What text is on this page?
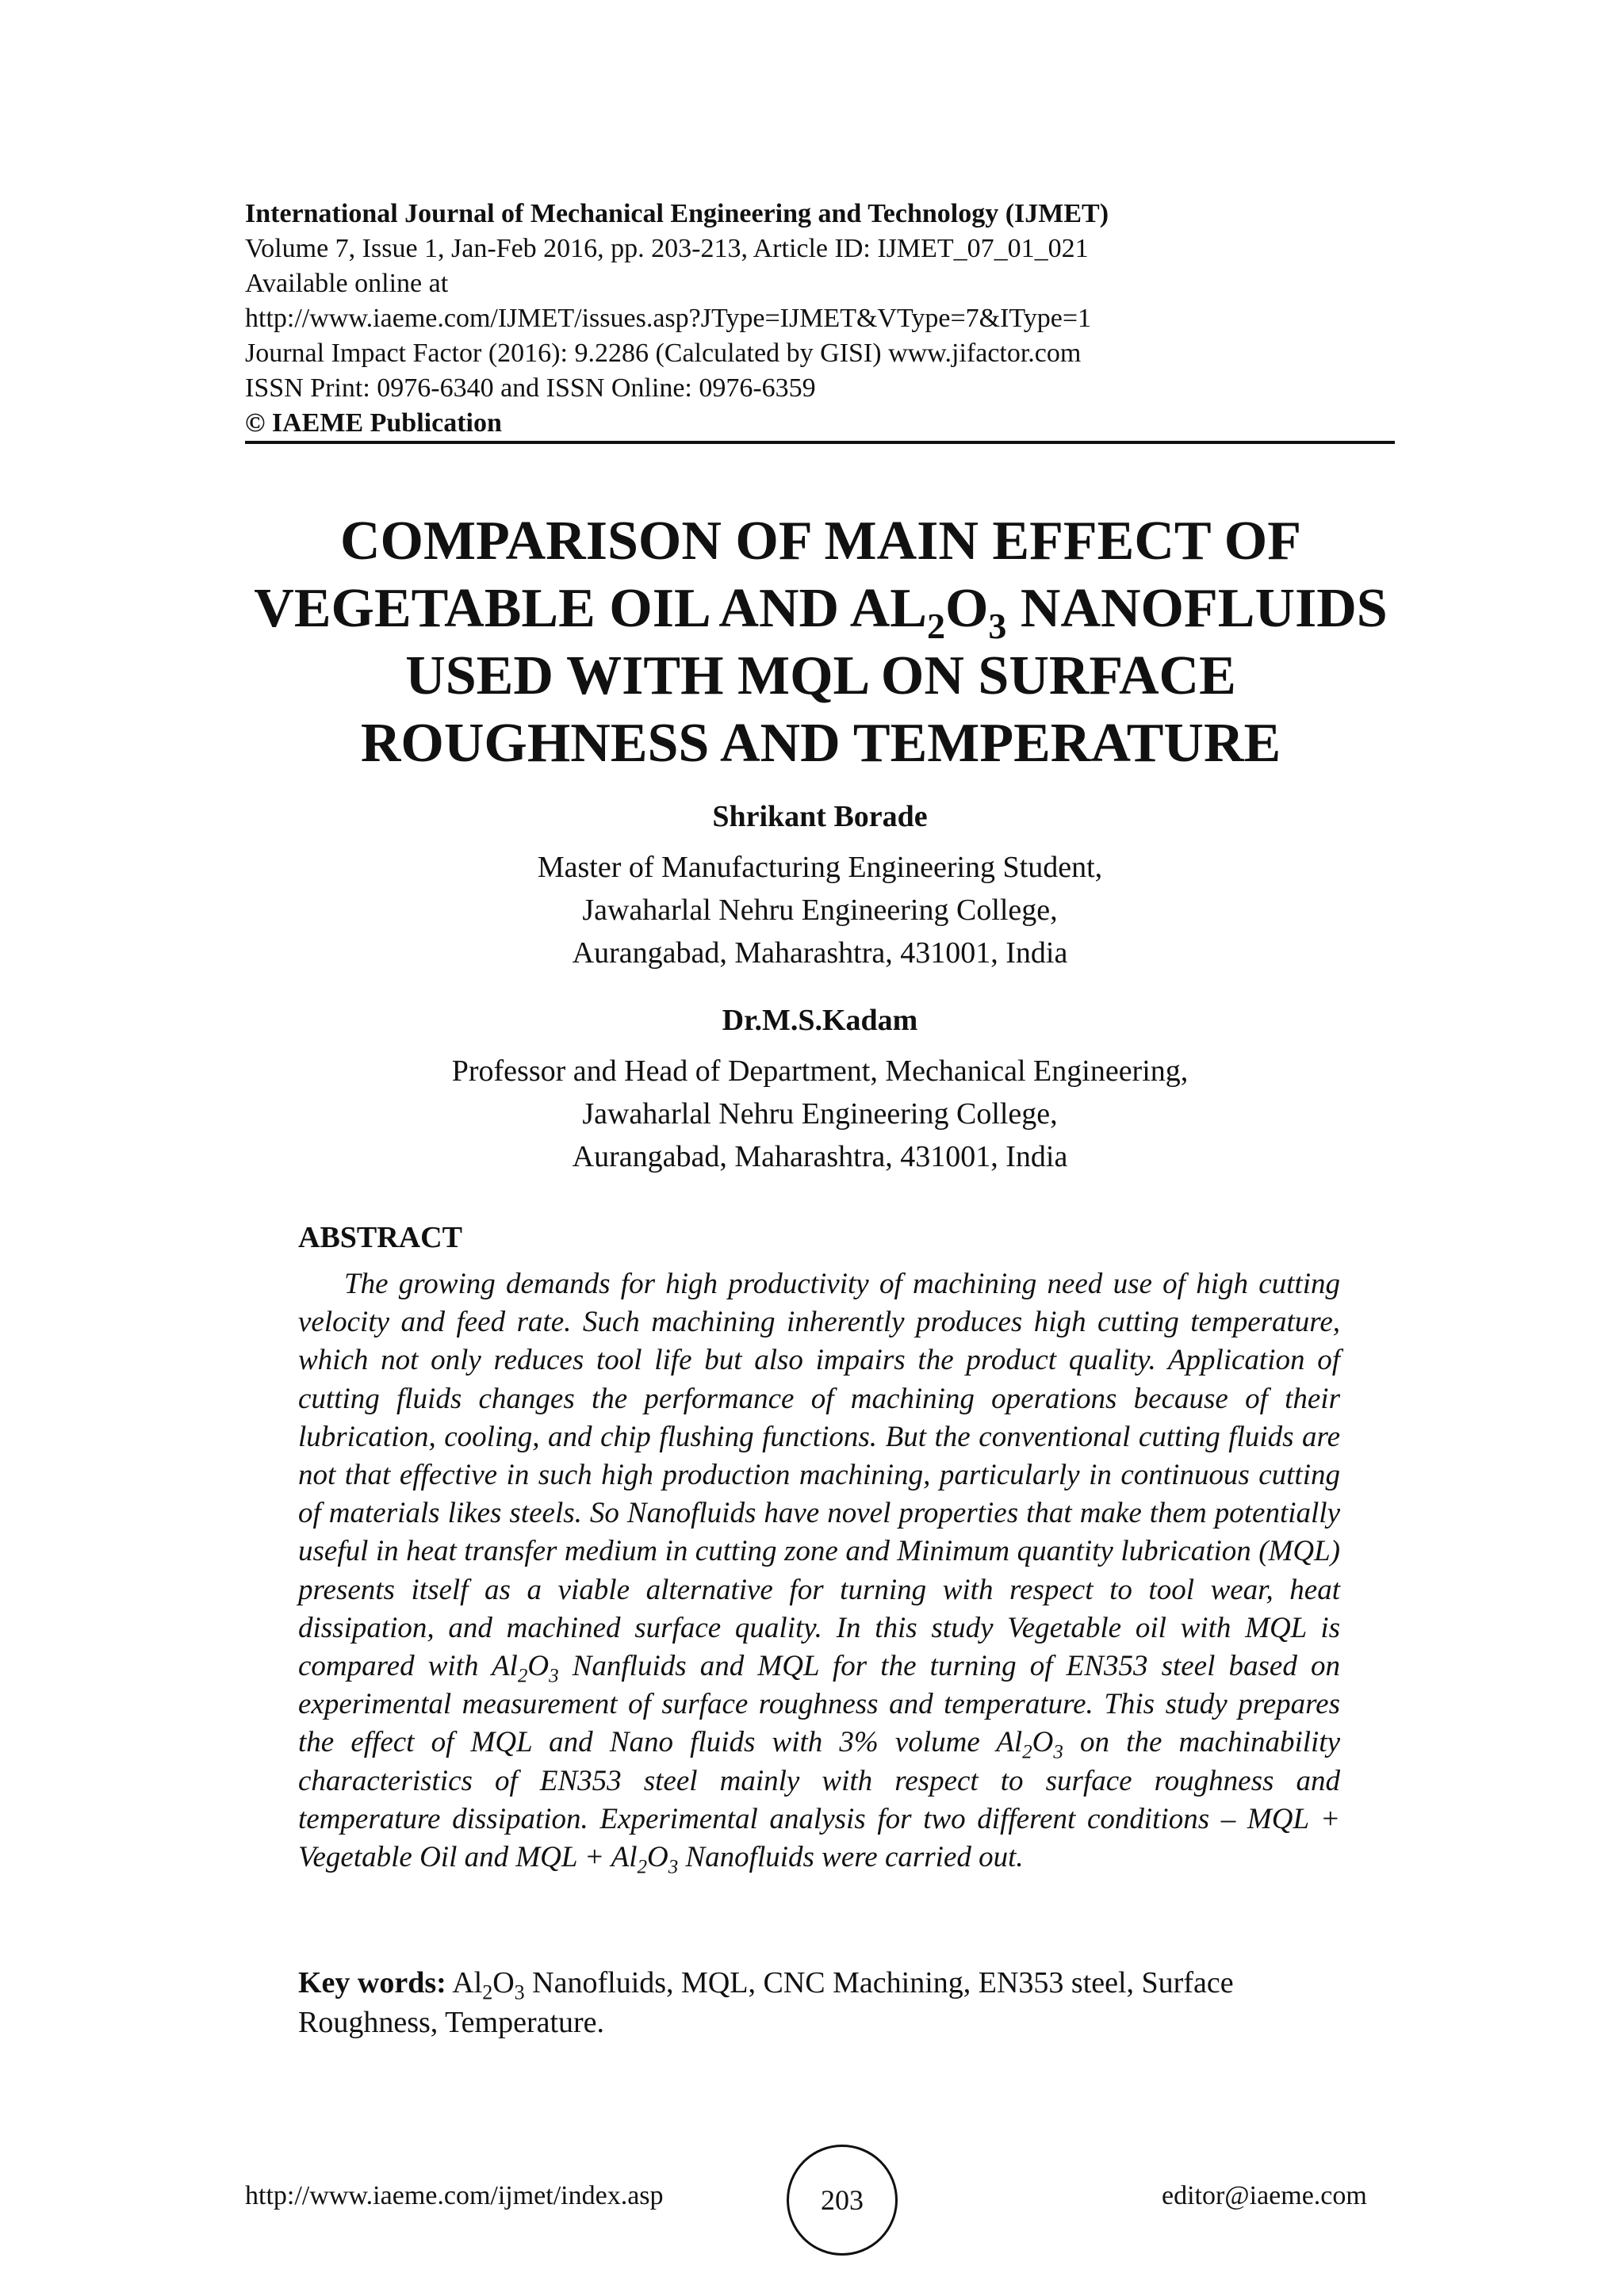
International Journal of Mechanical Engineering and Technology (IJMET)
Volume 7, Issue 1, Jan-Feb 2016, pp. 203-213, Article ID: IJMET_07_01_021
Available online at
http://www.iaeme.com/IJMET/issues.asp?JType=IJMET&VType=7&IType=1
Journal Impact Factor (2016): 9.2286 (Calculated by GISI) www.jifactor.com
ISSN Print: 0976-6340 and ISSN Online: 0976-6359
© IAEME Publication
COMPARISON OF MAIN EFFECT OF
VEGETABLE OIL AND $AL_2O_3$ NANOFLUIDS
USED WITH MQL ON SURFACE
ROUGHNESS AND TEMPERATURE
Shrikant Borade
Master of Manufacturing Engineering Student,
Jawaharlal Nehru Engineering College,
Aurangabad, Maharashtra, 431001, India
Dr.M.S.Kadam
Professor and Head of Department, Mechanical Engineering,
Jawaharlal Nehru Engineering College,
Aurangabad, Maharashtra, 431001, India
ABSTRACT

The growing demands for high productivity of machining need use of high cutting velocity and feed rate. Such machining inherently produces high cutting temperature, which not only reduces tool life but also impairs the product quality. Application of cutting fluids changes the performance of machining operations because of their lubrication, cooling, and chip flushing functions. But the conventional cutting fluids are not that effective in such high production machining, particularly in continuous cutting of materials likes steels. So Nanofluids have novel properties that make them potentially useful in heat transfer medium in cutting zone and Minimum quantity lubrication (MQL) presents itself as a viable alternative for turning with respect to tool wear, heat dissipation, and machined surface quality. In this study Vegetable oil with MQL is compared with $Al_2O_3$ Nanfluids and MQL for the turning of EN353 steel based on experimental measurement of surface roughness and temperature. This study prepares the effect of MQL and Nano fluids with 3% volume $Al_2O_3$ on the machinability characteristics of EN353 steel mainly with respect to surface roughness and temperature dissipation. Experimental analysis for two different conditions – MQL + Vegetable Oil and MQL + $Al_2O_3$ Nanofluids were carried out.

Key words: $Al_2O_3$ Nanofluids, MQL, CNC Machining, EN353 steel, Surface Roughness, Temperature.

http://www.iaeme.com/ijmet/index.asp	203	editor@iaeme.com
